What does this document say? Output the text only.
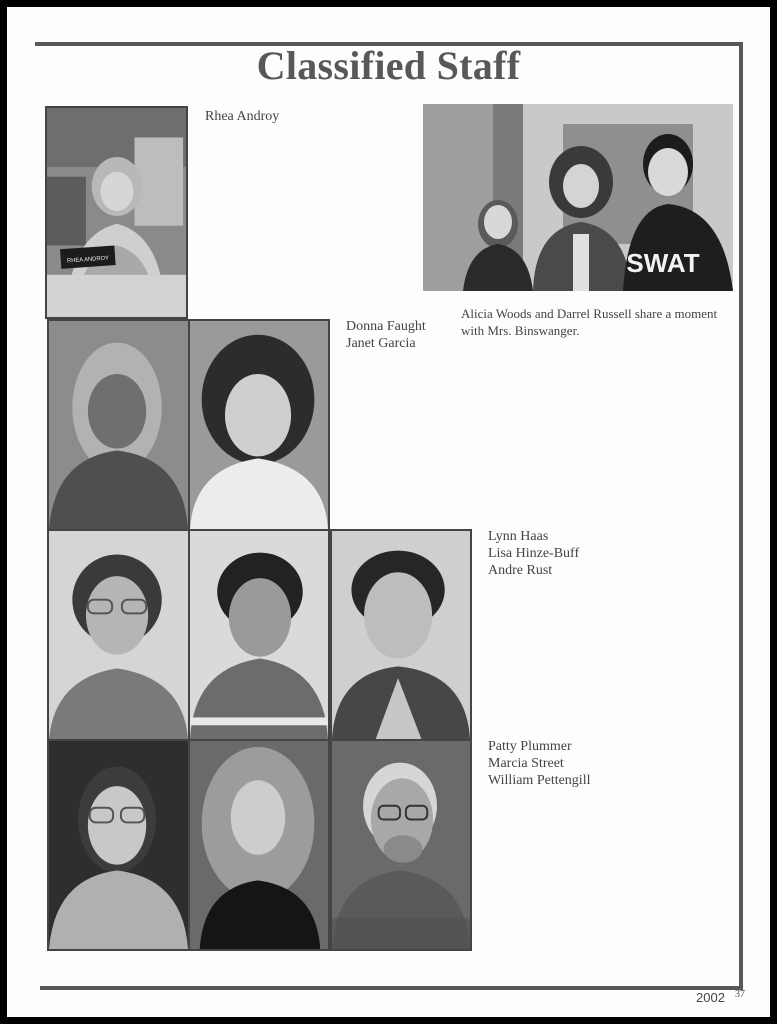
Classified Staff
RHEA ANDROY
Rhea Androy
SWAT
Alicia Woods and Darrel Russell share a moment
with Mrs. Binswanger.
Donna Faught
Janet Garcia
Lynn Haas
Lisa Hinze-Buff
Andre Rust
Patty Plummer
Marcia Street
William Pettengill
2002 37
